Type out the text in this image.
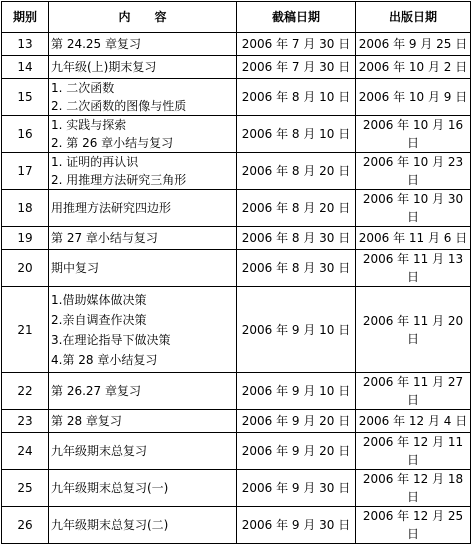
期别	内　　容	截稿日期	出版日期
13	第 24.25 章复习	2006 年 7 月 30 日	2006 年 9 月 25 日
14	九年级(上)期末复习	2006 年 7 月 30 日	2006 年 10 月 2 日
15	1. 二次函数
2. 二次函数的图像与性质	2006 年 8 月 10 日	2006 年 10 月 9 日
16	1. 实践与探索
2. 第 26 章小结与复习	2006 年 8 月 10 日	2006 年 10 月 16 日
17	1. 证明的再认识
2. 用推理方法研究三角形	2006 年 8 月 20 日	2006 年 10 月 23 日
18	用推理方法研究四边形	2006 年 8 月 20 日	2006 年 10 月 30 日
19	第 27 章小结与复习	2006 年 8 月 30 日	2006 年 11 月 6 日
20	期中复习	2006 年 8 月 30 日	2006 年 11 月 13 日
21	1.借助媒体做决策
2.亲自调查作决策
3.在理论指导下做决策
4.第 28 章小结复习	2006 年 9 月 10 日	2006 年 11 月 20 日
22	第 26.27 章复习	2006 年 9 月 10 日	2006 年 11 月 27 日
23	第 28 章复习	2006 年 9 月 20 日	2006 年 12 月 4 日
24	九年级期末总复习	2006 年 9 月 20 日	2006 年 12 月 11 日
25	九年级期末总复习(一)	2006 年 9 月 30 日	2006 年 12 月 18 日
26	九年级期末总复习(二)	2006 年 9 月 30 日	2006 年 12 月 25 日
